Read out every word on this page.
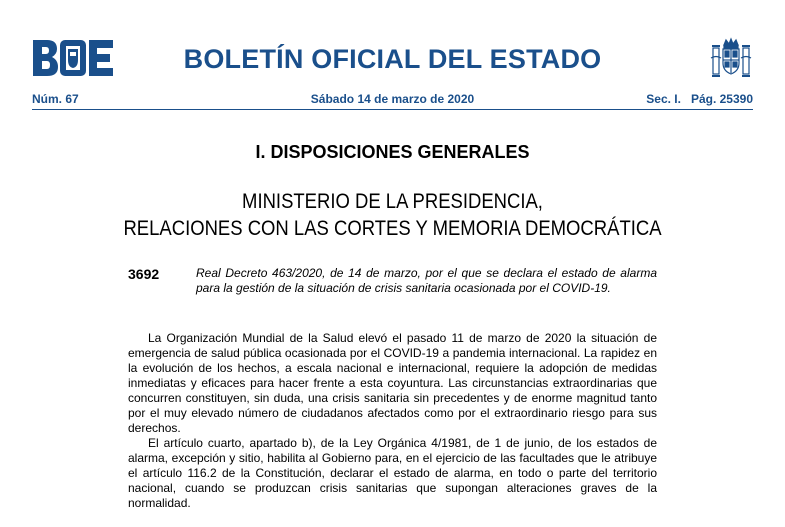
BOLETÍN OFICIAL DEL ESTADO
Núm. 67	Sábado 14 de marzo de 2020	Sec. I.   Pág. 25390
I. DISPOSICIONES GENERALES
MINISTERIO DE LA PRESIDENCIA,
RELACIONES CON LAS CORTES Y MEMORIA DEMOCRÁTICA
3692	Real Decreto 463/2020, de 14 de marzo, por el que se declara el estado de alarma para la gestión de la situación de crisis sanitaria ocasionada por el COVID-19.

La Organización Mundial de la Salud elevó el pasado 11 de marzo de 2020 la situación de emergencia de salud pública ocasionada por el COVID-19 a pandemia internacional. La rapidez en la evolución de los hechos, a escala nacional e internacional, requiere la adopción de medidas inmediatas y eficaces para hacer frente a esta coyuntura. Las circunstancias extraordinarias que concurren constituyen, sin duda, una crisis sanitaria sin precedentes y de enorme magnitud tanto por el muy elevado número de ciudadanos afectados como por el extraordinario riesgo para sus derechos.

El artículo cuarto, apartado b), de la Ley Orgánica 4/1981, de 1 de junio, de los estados de alarma, excepción y sitio, habilita al Gobierno para, en el ejercicio de las facultades que le atribuye el artículo 116.2 de la Constitución, declarar el estado de alarma, en todo o parte del territorio nacional, cuando se produzcan crisis sanitarias que supongan alteraciones graves de la normalidad.
